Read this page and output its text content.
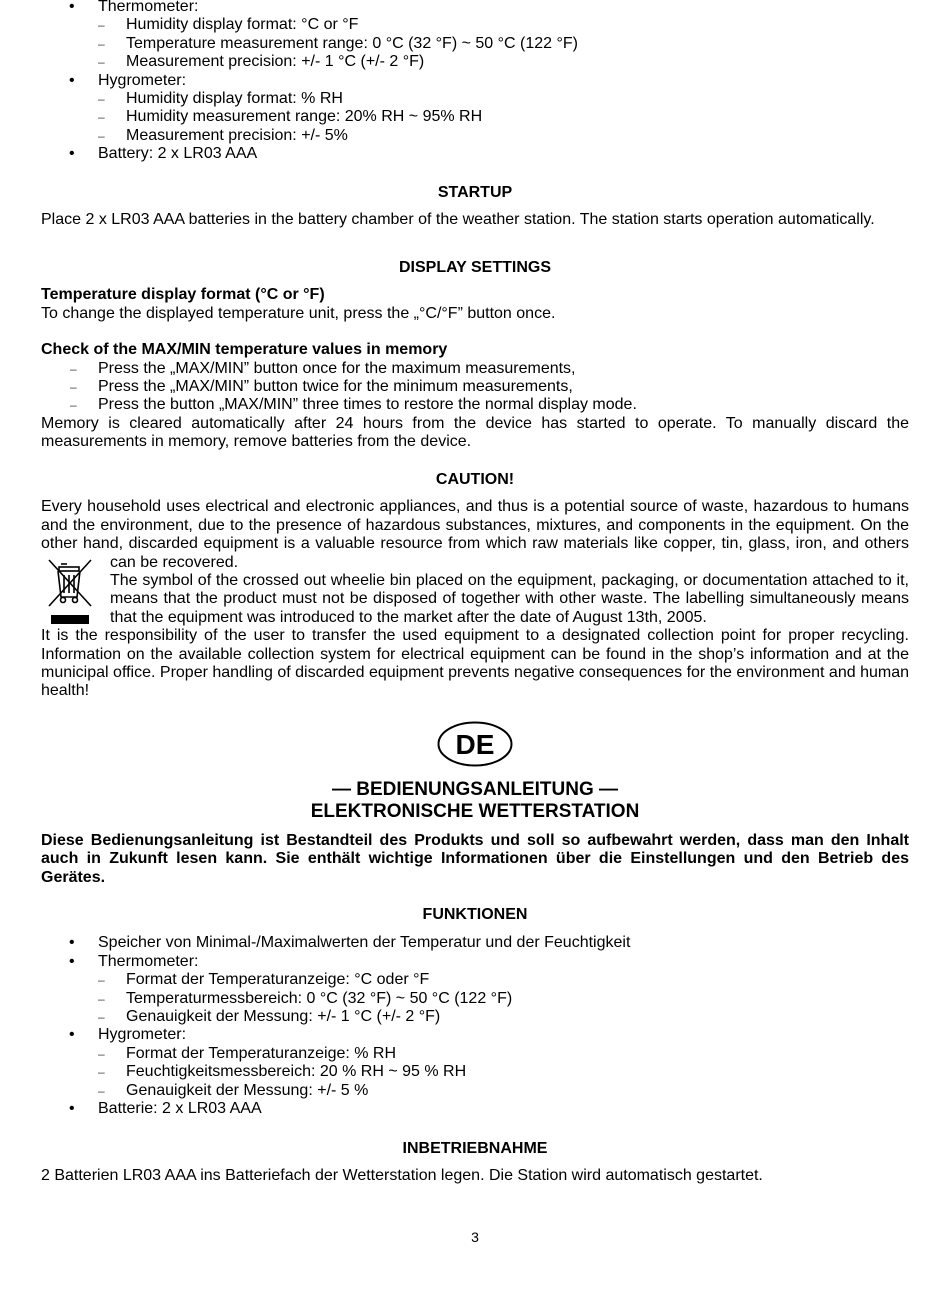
• Thermometer:
– Humidity display format: °C or °F
– Temperature measurement range: 0 °C (32 °F) ~ 50 °C (122 °F)
– Measurement precision: +/- 1 °C (+/- 2 °F)
• Hygrometer:
– Humidity display format: % RH
– Humidity measurement range: 20% RH ~ 95% RH
– Measurement precision: +/- 5%
• Battery: 2 x LR03 AAA
STARTUP
Place 2 x LR03 AAA batteries in the battery chamber of the weather station. The station starts operation automatically.
DISPLAY SETTINGS
Temperature display format (°C or °F)
To change the displayed temperature unit, press the „°C/°F” button once.
Check of the MAX/MIN temperature values in memory
– Press the „MAX/MIN” button once for the maximum measurements,
– Press the „MAX/MIN” button twice for the minimum measurements,
– Press the button „MAX/MIN” three times to restore the normal display mode.
Memory is cleared automatically after 24 hours from the device has started to operate. To manually discard the
measurements in memory, remove batteries from the device.
CAUTION!
Every household uses electrical and electronic appliances, and thus is a potential source of waste, hazardous to humans
and the environment, due to the presence of hazardous substances, mixtures, and components in the equipment. On the
other hand, discarded equipment is a valuable resource from which raw materials like copper, tin, glass, iron, and others
can be recovered.
The symbol of the crossed out wheelie bin placed on the equipment, packaging, or documentation attached to it,
means that the product must not be disposed of together with other waste. The labelling simultaneously means
that the equipment was introduced to the market after the date of August 13th, 2005.
It is the responsibility of the user to transfer the used equipment to a designated collection point for proper recycling.
Information on the available collection system for electrical equipment can be found in the shop’s information and at the
municipal office. Proper handling of discarded equipment prevents negative consequences for the environment and human
health!
— BEDIENUNGSANLEITUNG —
ELEKTRONISCHE WETTERSTATION
Diese Bedienungsanleitung ist Bestandteil des Produkts und soll so aufbewahrt werden, dass man den Inhalt
auch in Zukunft lesen kann. Sie enthält wichtige Informationen über die Einstellungen und den Betrieb des
Gerätes.
FUNKTIONEN
• Speicher von Minimal-/Maximalwerten der Temperatur und der Feuchtigkeit
• Thermometer:
– Format der Temperaturanzeige: °C oder °F
– Temperaturmessbereich: 0 °C (32 °F) ~ 50 °C (122 °F)
– Genauigkeit der Messung: +/- 1 °C (+/- 2 °F)
• Hygrometer:
– Format der Temperaturanzeige: % RH
– Feuchtigkeitsmessbereich: 20 % RH ~ 95 % RH
– Genauigkeit der Messung: +/- 5 %
• Batterie: 2 x LR03 AAA
INBETRIEBNAHME
2 Batterien LR03 AAA ins Batteriefach der Wetterstation legen. Die Station wird automatisch gestartet.
DE
3
